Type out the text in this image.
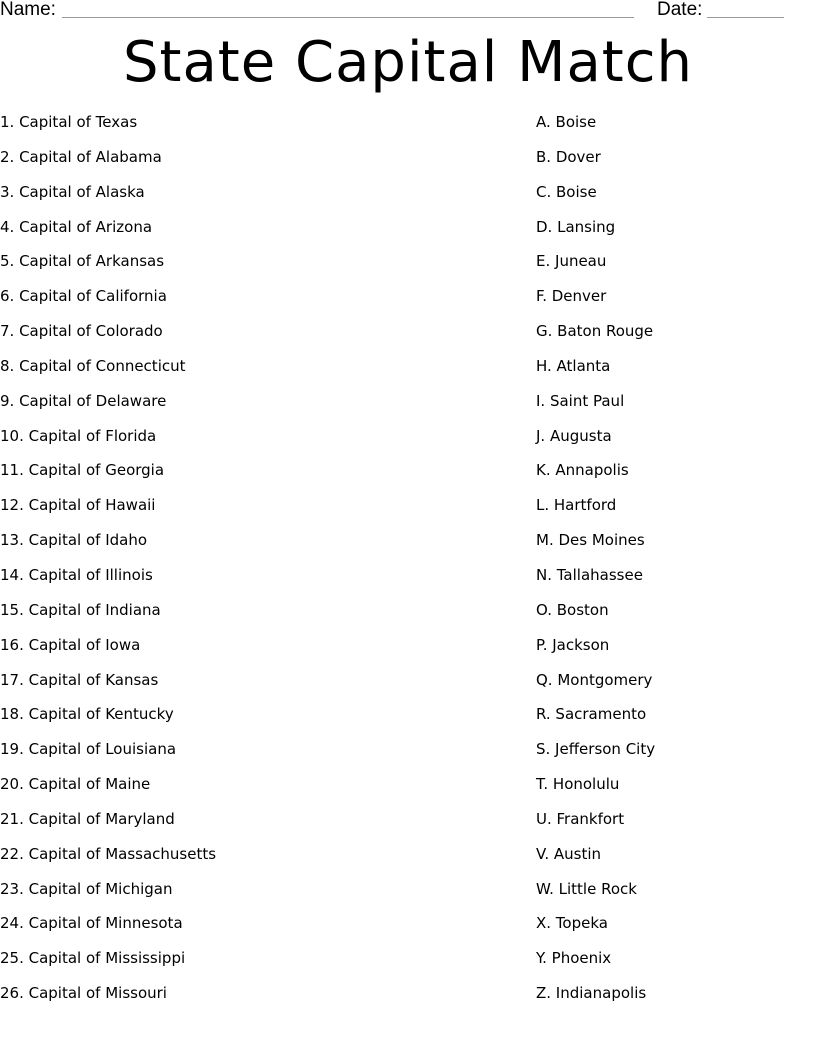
Name:	Date:
State Capital Match
1. Capital of Texas
2. Capital of Alabama
3. Capital of Alaska
4. Capital of Arizona
5. Capital of Arkansas
6. Capital of California
7. Capital of Colorado
8. Capital of Connecticut
9. Capital of Delaware
10. Capital of Florida
11. Capital of Georgia
12. Capital of Hawaii
13. Capital of Idaho
14. Capital of Illinois
15. Capital of Indiana
16. Capital of Iowa
17. Capital of Kansas
18. Capital of Kentucky
19. Capital of Louisiana
20. Capital of Maine
21. Capital of Maryland
22. Capital of Massachusetts
23. Capital of Michigan
24. Capital of Minnesota
25. Capital of Mississippi
26. Capital of Missouri
A. Boise
B. Dover
C. Boise
D. Lansing
E. Juneau
F. Denver
G. Baton Rouge
H. Atlanta
I. Saint Paul
J. Augusta
K. Annapolis
L. Hartford
M. Des Moines
N. Tallahassee
O. Boston
P. Jackson
Q. Montgomery
R. Sacramento
S. Jefferson City
T. Honolulu
U. Frankfort
V. Austin
W. Little Rock
X. Topeka
Y. Phoenix
Z. Indianapolis
